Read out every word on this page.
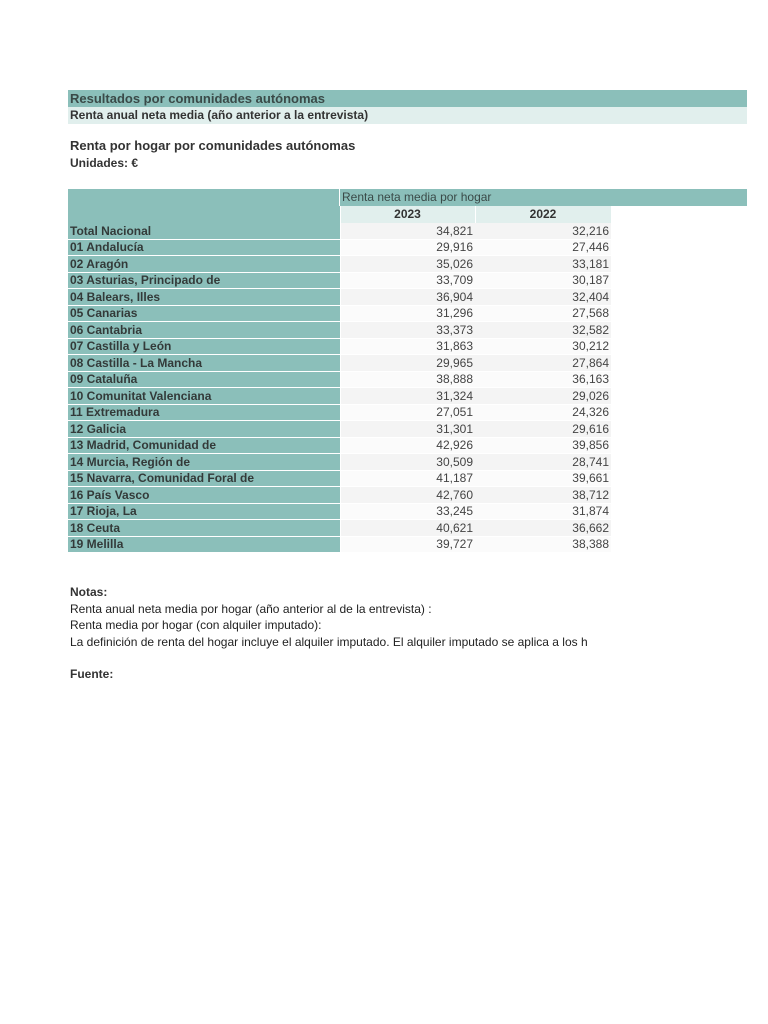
Resultados por comunidades autónomas
Renta anual neta media (año anterior a la entrevista)
Renta por hogar por comunidades autónomas
Unidades: €
Renta neta media por hogar
	2023	2022
Total Nacional	34,821	32,216
01 Andalucía	29,916	27,446
02 Aragón	35,026	33,181
03 Asturias, Principado de	33,709	30,187
04 Balears, Illes	36,904	32,404
05 Canarias	31,296	27,568
06 Cantabria	33,373	32,582
07 Castilla y León	31,863	30,212
08 Castilla - La Mancha	29,965	27,864
09 Cataluña	38,888	36,163
10 Comunitat Valenciana	31,324	29,026
11 Extremadura	27,051	24,326
12 Galicia	31,301	29,616
13 Madrid, Comunidad de	42,926	39,856
14 Murcia, Región de	30,509	28,741
15 Navarra, Comunidad Foral de	41,187	39,661
16 País Vasco	42,760	38,712
17 Rioja, La	33,245	31,874
18 Ceuta	40,621	36,662
19 Melilla	39,727	38,388
Notas:
Renta anual neta media por hogar (año anterior al de la entrevista) :
Renta media por hogar (con alquiler imputado):
La definición de renta del hogar incluye el alquiler imputado. El alquiler imputado se aplica a los h
Fuente:
